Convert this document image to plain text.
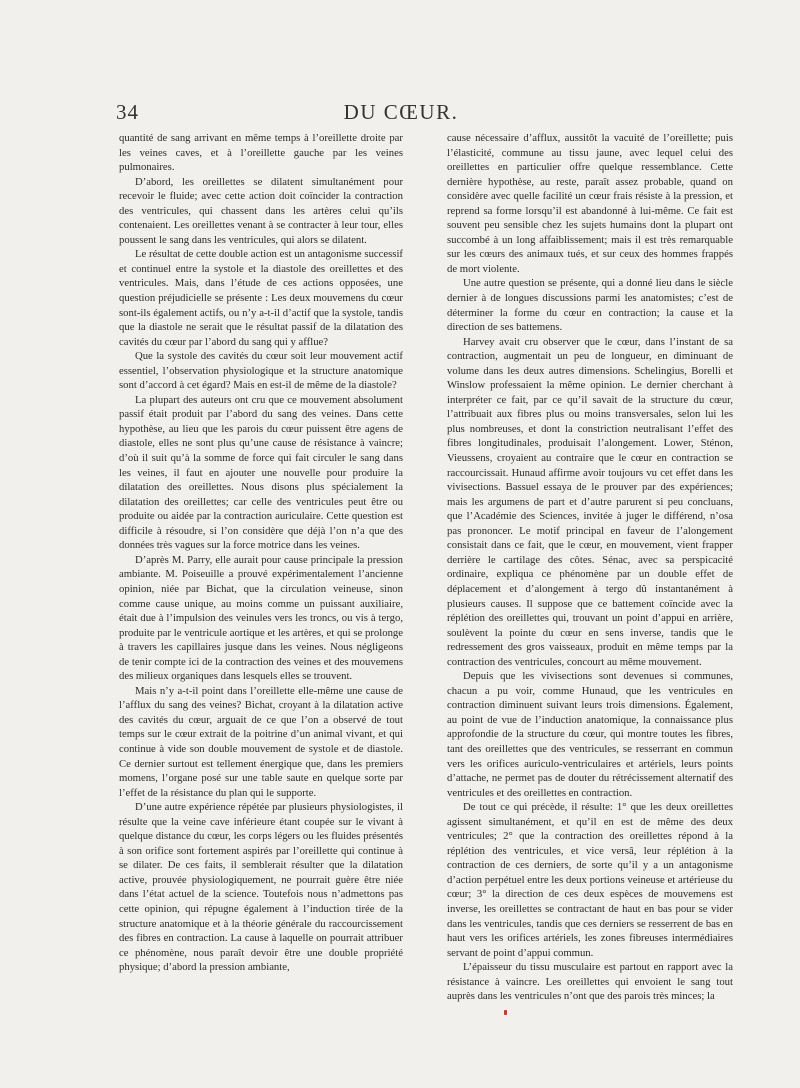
34	DU CŒUR.

quantité de sang arrivant en même temps à l’oreillette droite par les veines caves, et à l’oreillette gauche par les veines pulmonaires.

D’abord, les oreillettes se dilatent simultanément pour recevoir le fluide; avec cette action doit coïncider la contraction des ventricules, qui chassent dans les artères celui qu’ils contenaient. Les oreillettes venant à se contracter à leur tour, elles poussent le sang dans les ventricules, qui alors se dilatent.

Le résultat de cette double action est un antagonisme successif et continuel entre la systole et la diastole des oreillettes et des ventricules. Mais, dans l’étude de ces actions opposées, une question préjudicielle se présente : Les deux mouvemens du cœur sont-ils également actifs, ou n’y a-t-il d’actif que la systole, tandis que la diastole ne serait que le résultat passif de la dilatation des cavités du cœur par l’abord du sang qui y afflue?

Que la systole des cavités du cœur soit leur mouvement actif essentiel, l’observation physiologique et la structure anatomique sont d’accord à cet égard? Mais en est-il de même de la diastole?

La plupart des auteurs ont cru que ce mouvement absolument passif était produit par l’abord du sang des veines. Dans cette hypothèse, au lieu que les parois du cœur puissent être agens de diastole, elles ne sont plus qu’une cause de résistance à vaincre; d’où il suit qu’à la somme de force qui fait circuler le sang dans les veines, il faut en ajouter une nouvelle pour produire la dilatation des oreillettes. Nous disons plus spécialement la dilatation des oreillettes; car celle des ventricules peut être ou produite ou aidée par la contraction auriculaire. Cette question est difficile à résoudre, si l’on considère que déjà l’on n’a que des données très vagues sur la force motrice dans les veines.

D’après M. Parry, elle aurait pour cause principale la pression ambiante. M. Poiseuille a prouvé expérimentalement l’ancienne opinion, niée par Bichat, que la circulation veineuse, sinon comme cause unique, au moins comme un puissant auxiliaire, était due à l’impulsion des veinules vers les troncs, ou vis à tergo, produite par le ventricule aortique et les artères, et qui se prolonge à travers les capillaires jusque dans les veines. Nous négligeons de tenir compte ici de la contraction des veines et des mouvemens des milieux organiques dans lesquels elles se trouvent.

Mais n’y a-t-il point dans l’oreillette elle-même une cause de l’afflux du sang des veines? Bichat, croyant à la dilatation active des cavités du cœur, arguait de ce que l’on a observé de tout temps sur le cœur extrait de la poitrine d’un animal vivant, et qui continue à vide son double mouvement de systole et de diastole. Ce dernier surtout est tellement énergique que, dans les premiers momens, l’organe posé sur une table saute en quelque sorte par l’effet de la résistance du plan qui le supporte.

D’une autre expérience répétée par plusieurs physiologistes, il résulte que la veine cave inférieure étant coupée sur le vivant à quelque distance du cœur, les corps légers ou les fluides présentés à son orifice sont fortement aspirés par l’oreillette qui continue à se dilater. De ces faits, il semblerait résulter que la dilatation active, prouvée physiologiquement, ne pourrait guère être niée dans l’état actuel de la science. Toutefois nous n’admettons pas cette opinion, qui répugne également à l’induction tirée de la structure anatomique et à la théorie générale du raccourcissement des fibres en contraction. La cause à laquelle on pourrait attribuer ce phénomène, nous paraît devoir être une double propriété physique; d’abord la pression ambiante,

cause nécessaire d’afflux, aussitôt la vacuité de l’oreillette; puis l’élasticité, commune au tissu jaune, avec lequel celui des oreillettes en particulier offre quelque ressemblance. Cette dernière hypothèse, au reste, paraît assez probable, quand on considère avec quelle facilité un cœur frais résiste à la pression, et reprend sa forme lorsqu’il est abandonné à lui-même. Ce fait est souvent peu sensible chez les sujets humains dont la plupart ont succombé à un long affaiblissement; mais il est très remarquable sur les cœurs des animaux tués, et sur ceux des hommes frappés de mort violente.

Une autre question se présente, qui a donné lieu dans le siècle dernier à de longues discussions parmi les anatomistes; c’est de déterminer la forme du cœur en contraction; la cause et la direction de ses battemens.

Harvey avait cru observer que le cœur, dans l’instant de sa contraction, augmentait un peu de longueur, en diminuant de volume dans les deux autres dimensions. Schelingius, Borelli et Winslow professaient la même opinion. Le dernier cherchant à interpréter ce fait, par ce qu’il savait de la structure du cœur, l’attribuait aux fibres plus ou moins transversales, selon lui les plus nombreuses, et dont la constriction neutralisant l’effet des fibres longitudinales, produisait l’alongement. Lower, Sténon, Vieussens, croyaient au contraire que le cœur en contraction se raccourcissait. Hunaud affirme avoir toujours vu cet effet dans les vivisections. Bassuel essaya de le prouver par des expériences; mais les argumens de part et d’autre parurent si peu concluans, que l’Académie des Sciences, invitée à juger le différend, n’osa pas prononcer. Le motif principal en faveur de l’alongement consistait dans ce fait, que le cœur, en mouvement, vient frapper derrière le cartilage des côtes. Sénac, avec sa perspicacité ordinaire, expliqua ce phénomène par un double effet de déplacement et d’alongement à tergo dû instantanément à plusieurs causes. Il suppose que ce battement coïncide avec la réplétion des oreillettes qui, trouvant un point d’appui en arrière, soulèvent la pointe du cœur en sens inverse, tandis que le redressement des gros vaisseaux, produit en même temps par la contraction des ventricules, concourt au même mouvement.

Depuis que les vivisections sont devenues si communes, chacun a pu voir, comme Hunaud, que les ventricules en contraction diminuent suivant leurs trois dimensions. Également, au point de vue de l’induction anatomique, la connaissance plus approfondie de la structure du cœur, qui montre toutes les fibres, tant des oreillettes que des ventricules, se resserrant en commun vers les orifices auriculo-ventriculaires et artériels, leurs points d’attache, ne permet pas de douter du rétrécissement alternatif des ventricules et des oreillettes en contraction.

De tout ce qui précède, il résulte: 1° que les deux oreillettes agissent simultanément, et qu’il en est de même des deux ventricules; 2° que la contraction des oreillettes répond à la réplétion des ventricules, et vice versâ, leur réplétion à la contraction de ces derniers, de sorte qu’il y a un antagonisme d’action perpétuel entre les deux portions veineuse et artérieuse du cœur; 3° la direction de ces deux espèces de mouvemens est inverse, les oreillettes se contractant de haut en bas pour se vider dans les ventricules, tandis que ces derniers se resserrent de bas en haut vers les orifices artériels, les zones fibreuses intermédiaires servant de point d’appui commun.

L’épaisseur du tissu musculaire est partout en rapport avec la résistance à vaincre. Les oreillettes qui envoient le sang tout auprès dans les ventricules n’ont que des parois très minces; la
